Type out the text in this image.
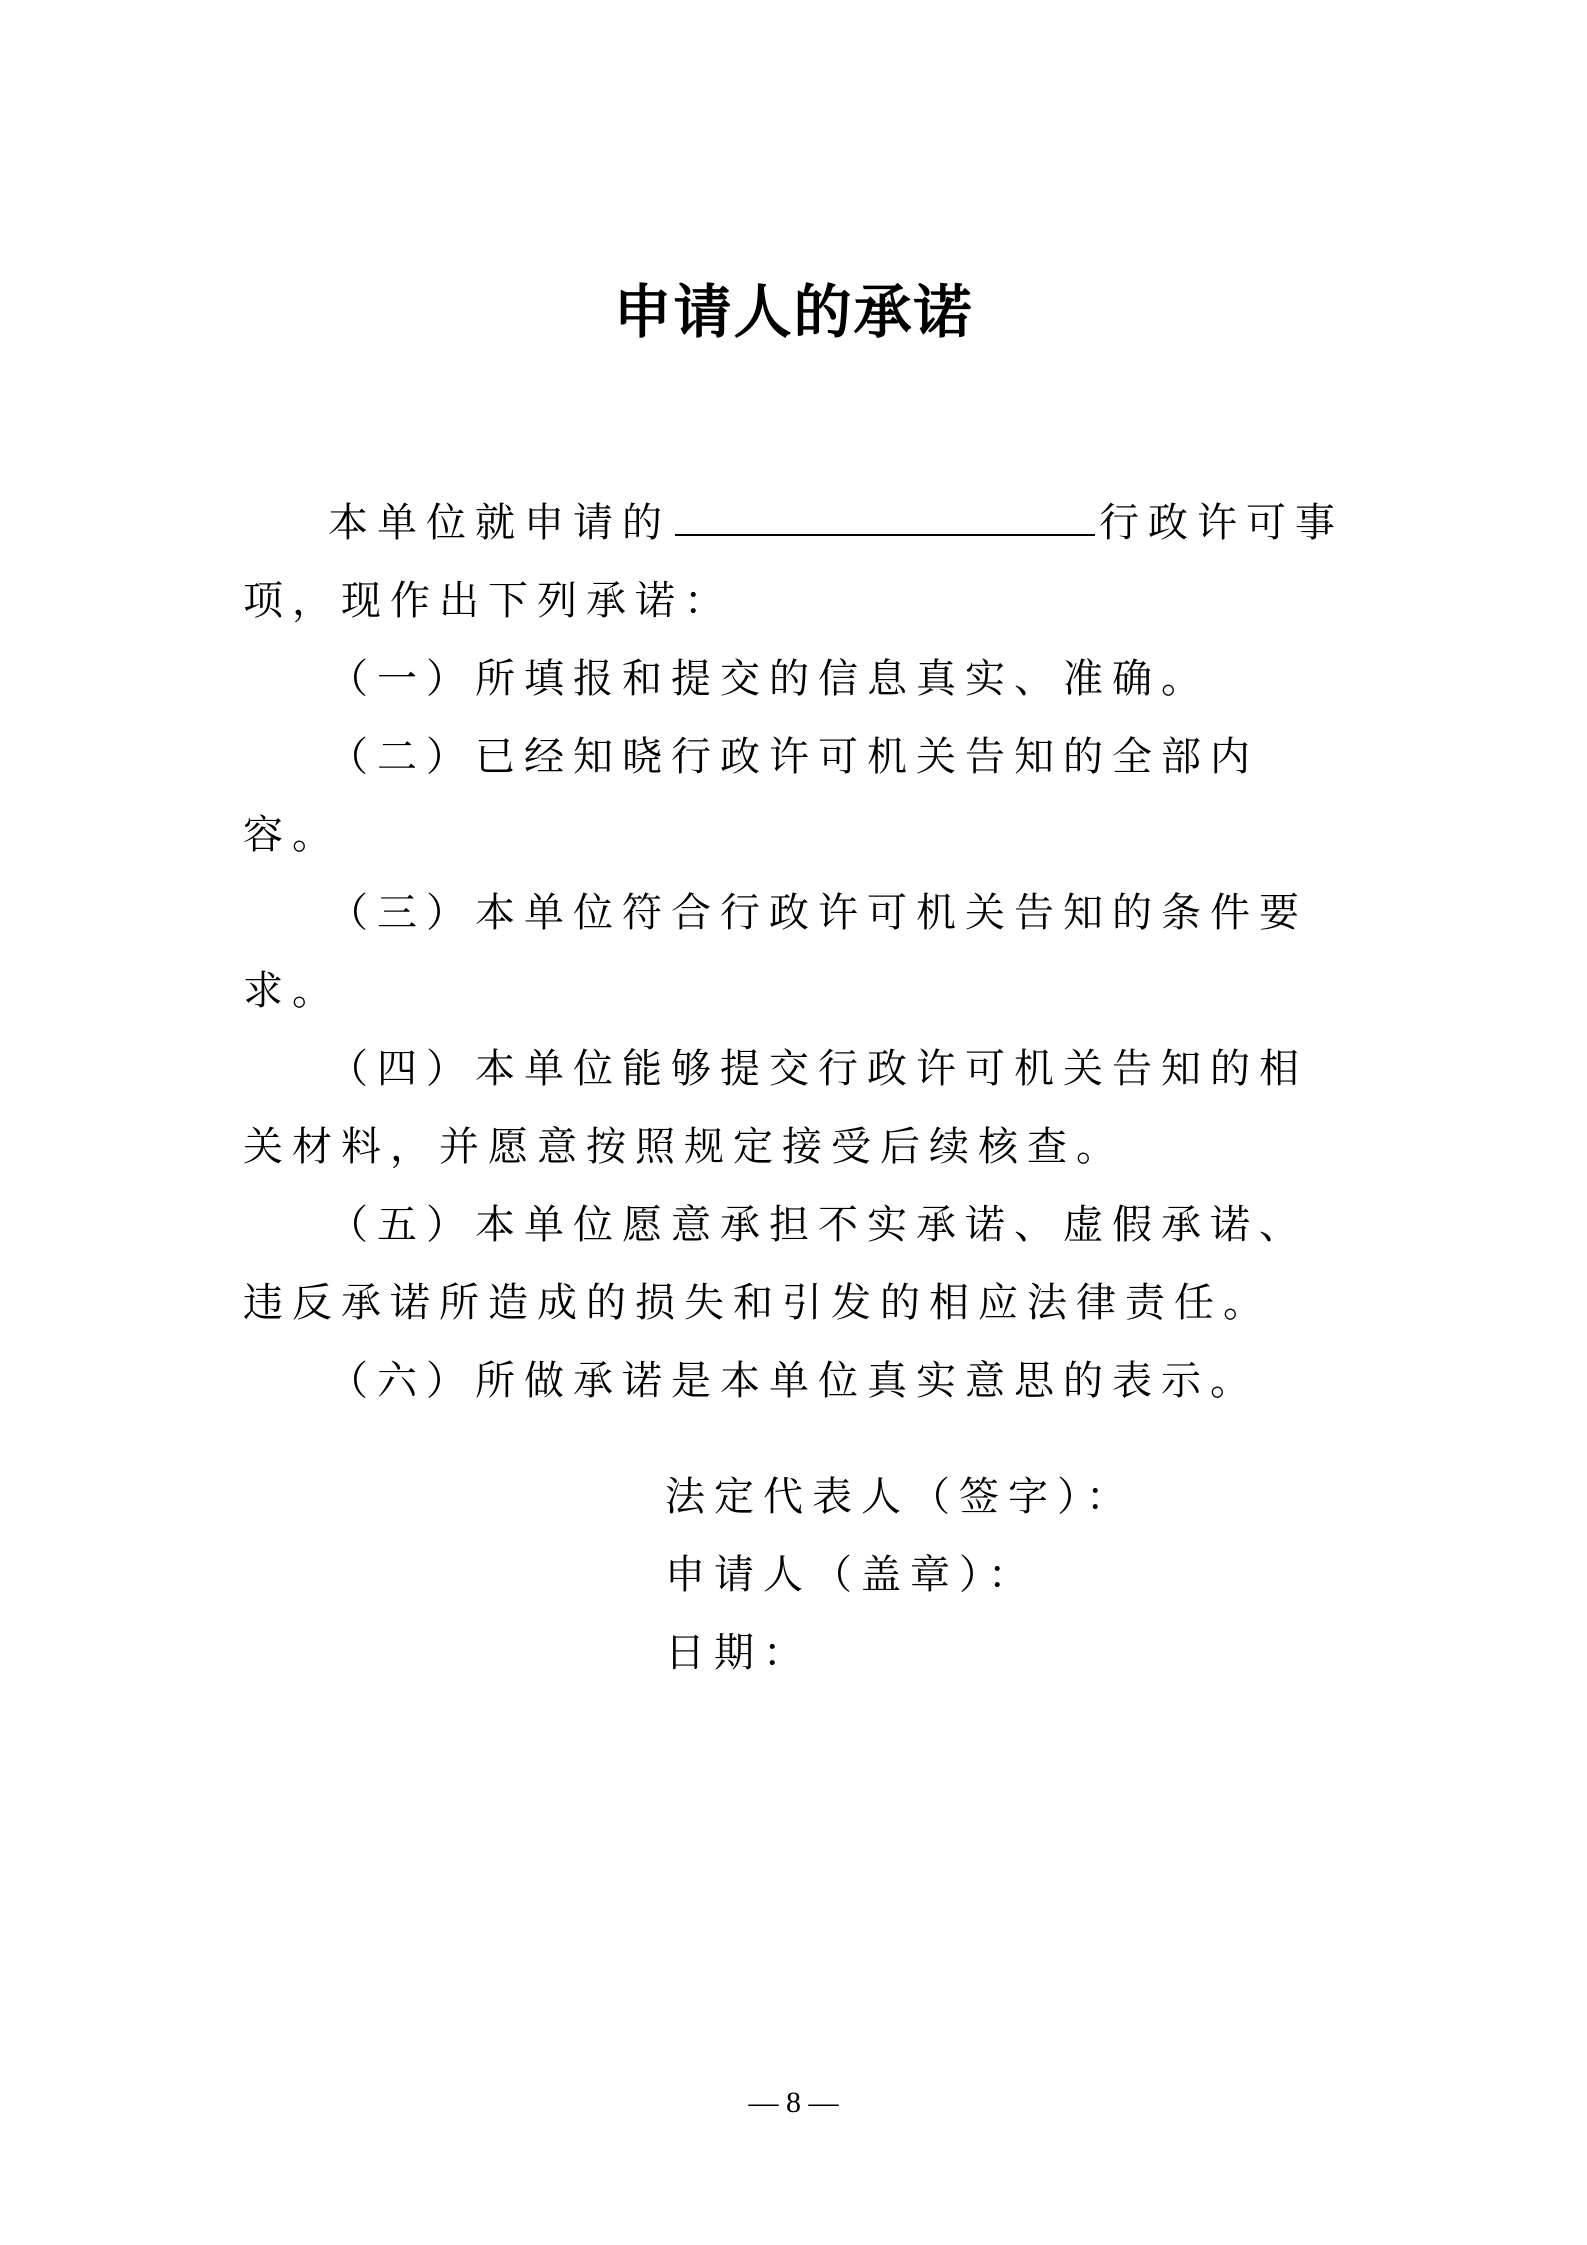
申请人的承诺

本单位就申请的	行政许可事项，现作出下列承诺：

（一）所填报和提交的信息真实、准确。

（二）已经知晓行政许可机关告知的全部内容。

（三）本单位符合行政许可机关告知的条件要求。

（四）本单位能够提交行政许可机关告知的相关材料，并愿意按照规定接受后续核查。

（五）本单位愿意承担不实承诺、虚假承诺、违反承诺所造成的损失和引发的相应法律责任。

（六）所做承诺是本单位真实意思的表示。

法定代表人（签字）：
申请人（盖章）：
日期：
— 8 —
